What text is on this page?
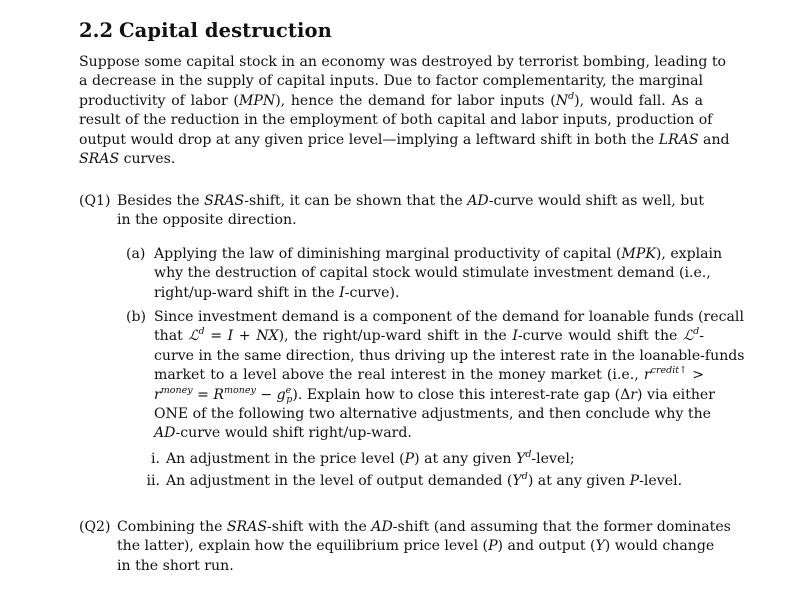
2.2 Capital destruction
Suppose some capital stock in an economy was destroyed by terrorist bombing, leading to
a decrease in the supply of capital inputs. Due to factor complementarity, the marginal
productivity of labor (MPN), hence the demand for labor inputs $(N^d)$, would fall. As a
result of the reduction in the employment of both capital and labor inputs, production of
output would drop at any given price level—implying a leftward shift in both the LRAS and
SRAS curves.
(Q1) Besides the SRAS-shift, it can be shown that the AD-curve would shift as well, but
in the opposite direction.
(a) Applying the law of diminishing marginal productivity of capital (MPK), explain
why the destruction of capital stock would stimulate investment demand (i.e.,
right/up-ward shift in the I-curve).
(b) Since investment demand is a component of the demand for loanable funds (recall
that ℒ$^d$ = I + NX), the right/up-ward shift in the I-curve would shift the ℒ$^d$-
curve in the same direction, thus driving up the interest rate in the loanable-funds
market to a level above the real interest in the money market (i.e., $r^{credit↑}$ >
$r^{money} = R^{money} - g^e_p$). Explain how to close this interest-rate gap (Δr) via either
ONE of the following two alternative adjustments, and then conclude why the
AD-curve would shift right/up-ward.
i. An adjustment in the price level (P) at any given $Y^d$-level;
ii. An adjustment in the level of output demanded $(Y^d)$ at any given P-level.
(Q2) Combining the SRAS-shift with the AD-shift (and assuming that the former dominates
the latter), explain how the equilibrium price level (P) and output (Y) would change
in the short run.
